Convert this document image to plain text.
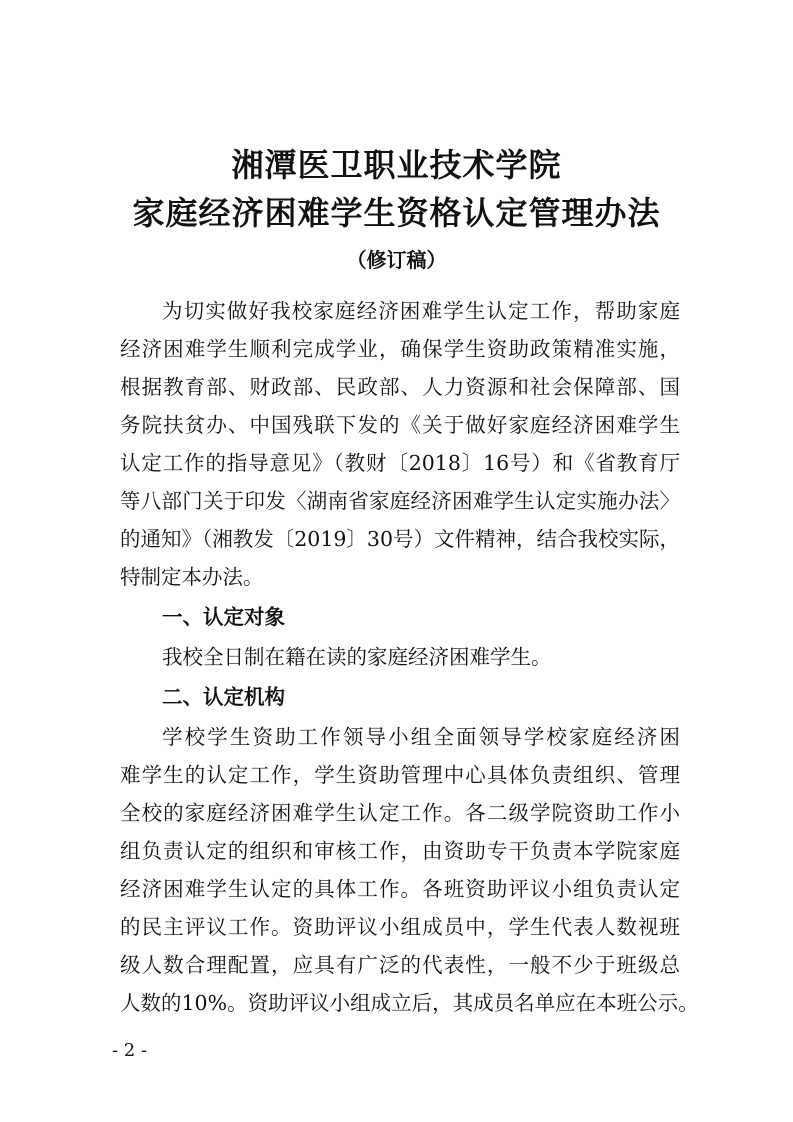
湘潭医卫职业技术学院
家庭经济困难学生资格认定管理办法
（修订稿）
为切实做好我校家庭经济困难学生认定工作，帮助家庭
经济困难学生顺利完成学业，确保学生资助政策精准实施，
根据教育部、财政部、民政部、人力资源和社会保障部、国
务院扶贫办、中国残联下发的《关于做好家庭经济困难学生
认定工作的指导意见》（教财〔2018〕16号）和《省教育厅
等八部门关于印发〈湖南省家庭经济困难学生认定实施办法〉
的通知》（湘教发〔2019〕30号）文件精神，结合我校实际，
特制定本办法。
一、认定对象
我校全日制在籍在读的家庭经济困难学生。
二、认定机构
学校学生资助工作领导小组全面领导学校家庭经济困
难学生的认定工作，学生资助管理中心具体负责组织、管理
全校的家庭经济困难学生认定工作。各二级学院资助工作小
组负责认定的组织和审核工作，由资助专干负责本学院家庭
经济困难学生认定的具体工作。各班资助评议小组负责认定
的民主评议工作。资助评议小组成员中，学生代表人数视班
级人数合理配置，应具有广泛的代表性，一般不少于班级总
人数的10%。资助评议小组成立后，其成员名单应在本班公示。
- 2 -
